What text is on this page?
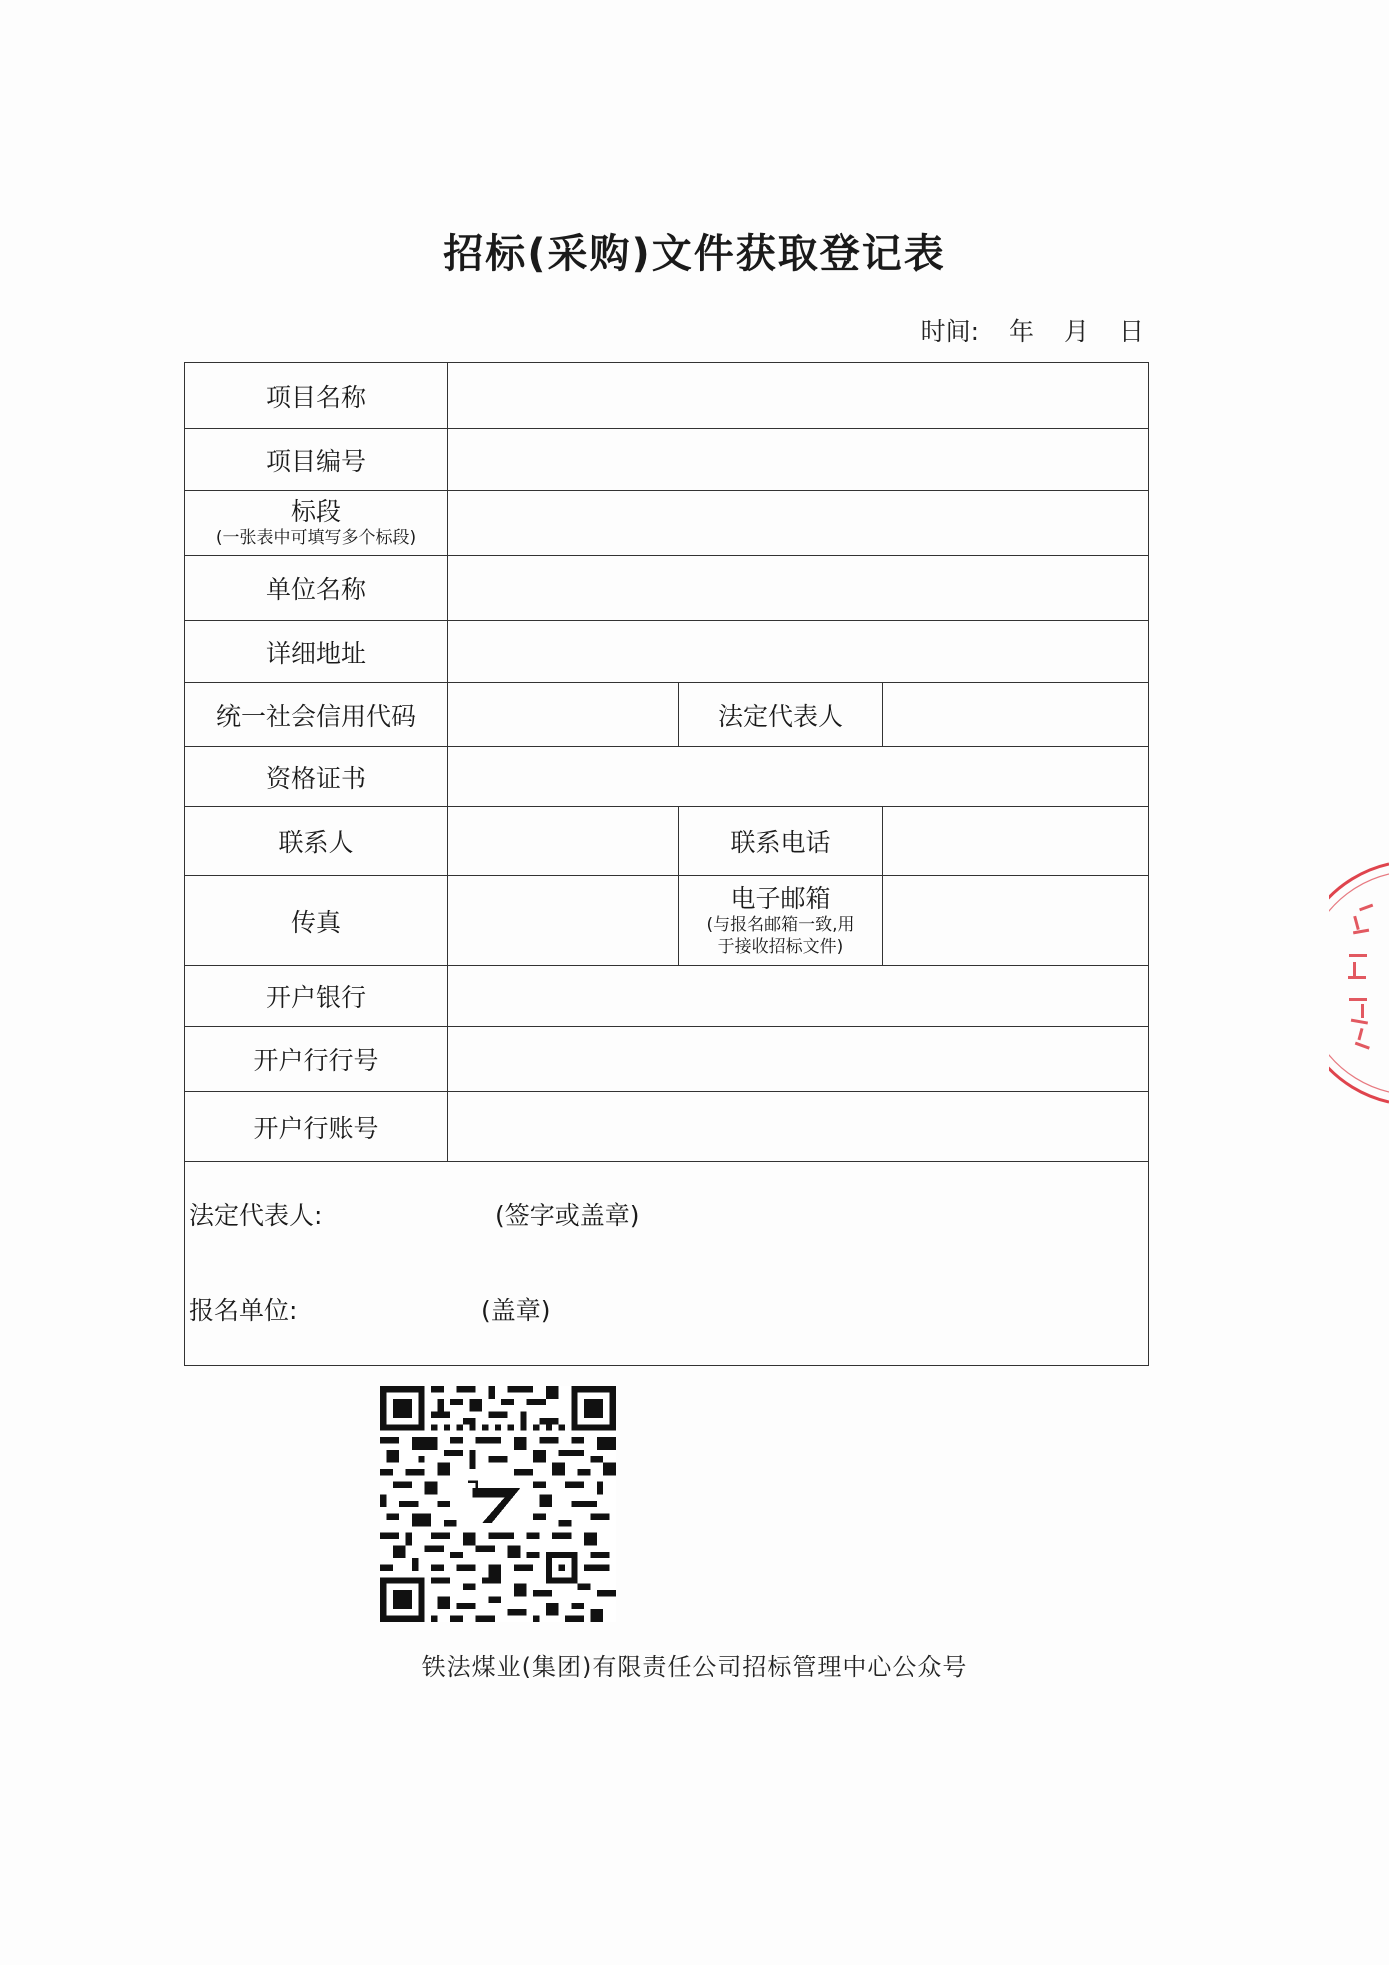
招标(采购)文件获取登记表
时间: 年 月 日
项目名称			
项目编号			

标段
(一张表中可填写多个标段)			

单位名称			
详细地址			
统一社会信用代码		法定代表人	
资格证书			
联系人		联系电话	
传真		电子邮箱
(与报名邮箱一致,用
于接收招标文件)	

开户银行			
开户行行号			
开户行账号			

法定代表人: (签字或盖章)
报名单位: (盖章)			
铁法煤业(集团)有限责任公司招标管理中心公众号
